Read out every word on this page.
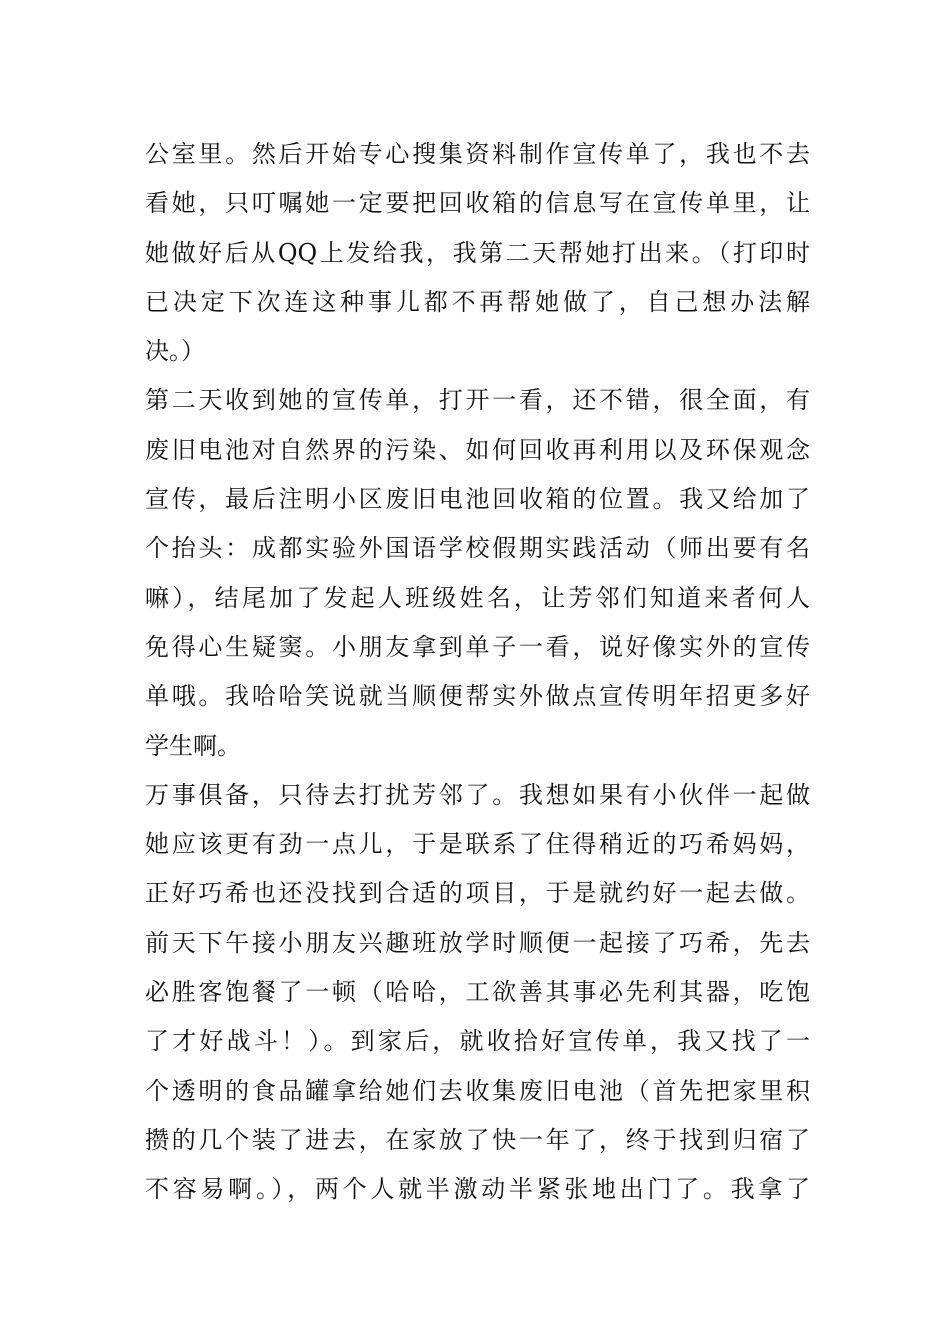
公室里。然后开始专心搜集资料制作宣传单了，我也不去
看她，只叮嘱她一定要把回收箱的信息写在宣传单里，让
她做好后从QQ上发给我，我第二天帮她打出来。（打印时
已决定下次连这种事儿都不再帮她做了，自己想办法解
决。）
第二天收到她的宣传单，打开一看，还不错，很全面，有
废旧电池对自然界的污染、如何回收再利用以及环保观念
宣传，最后注明小区废旧电池回收箱的位置。我又给加了
个抬头：成都实验外国语学校假期实践活动（师出要有名
嘛），结尾加了发起人班级姓名，让芳邻们知道来者何人
免得心生疑窦。小朋友拿到单子一看，说好像实外的宣传
单哦。我哈哈笑说就当顺便帮实外做点宣传明年招更多好
学生啊。
万事俱备，只待去打扰芳邻了。我想如果有小伙伴一起做
她应该更有劲一点儿，于是联系了住得稍近的巧希妈妈，
正好巧希也还没找到合适的项目，于是就约好一起去做。
前天下午接小朋友兴趣班放学时顺便一起接了巧希，先去
必胜客饱餐了一顿（哈哈，工欲善其事必先利其器，吃饱
了才好战斗！）。到家后，就收拾好宣传单，我又找了一
个透明的食品罐拿给她们去收集废旧电池（首先把家里积
攒的几个装了进去，在家放了快一年了，终于找到归宿了
不容易啊。），两个人就半激动半紧张地出门了。我拿了
